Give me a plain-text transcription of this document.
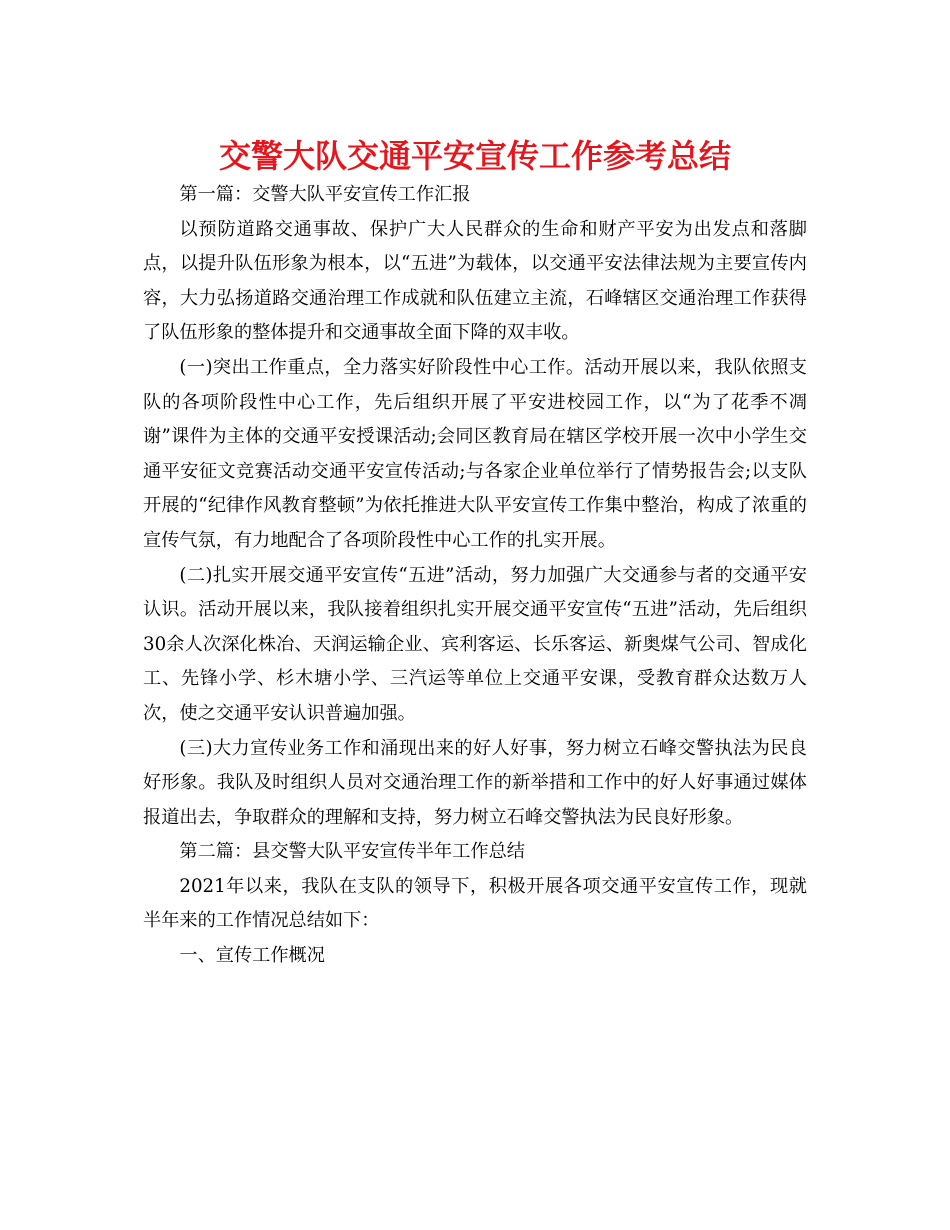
交警大队交通平安宣传工作参考总结

第一篇：交警大队平安宣传工作汇报

以预防道路交通事故、保护广大人民群众的生命和财产平安为出发点和落脚点，以提升队伍形象为根本，以“五进”为载体，以交通平安法律法规为主要宣传内容，大力弘扬道路交通治理工作成就和队伍建立主流，石峰辖区交通治理工作获得了队伍形象的整体提升和交通事故全面下降的双丰收。

(一)突出工作重点，全力落实好阶段性中心工作。活动开展以来，我队依照支队的各项阶段性中心工作，先后组织开展了平安进校园工作，以“为了花季不凋谢”课件为主体的交通平安授课活动;会同区教育局在辖区学校开展一次中小学生交通平安征文竞赛活动交通平安宣传活动;与各家企业单位举行了情势报告会;以支队开展的“纪律作风教育整顿”为依托推进大队平安宣传工作集中整治，构成了浓重的宣传气氛，有力地配合了各项阶段性中心工作的扎实开展。

(二)扎实开展交通平安宣传“五进”活动，努力加强广大交通参与者的交通平安认识。活动开展以来，我队接着组织扎实开展交通平安宣传“五进”活动，先后组织30余人次深化株冶、天润运输企业、宾利客运、长乐客运、新奥煤气公司、智成化工、先锋小学、杉木塘小学、三汽运等单位上交通平安课，受教育群众达数万人次，使之交通平安认识普遍加强。

(三)大力宣传业务工作和涌现出来的好人好事，努力树立石峰交警执法为民良好形象。我队及时组织人员对交通治理工作的新举措和工作中的好人好事通过媒体报道出去，争取群众的理解和支持，努力树立石峰交警执法为民良好形象。

第二篇：县交警大队平安宣传半年工作总结

2021年以来，我队在支队的领导下，积极开展各项交通平安宣传工作，现就半年来的工作情况总结如下：

一、宣传工作概况
